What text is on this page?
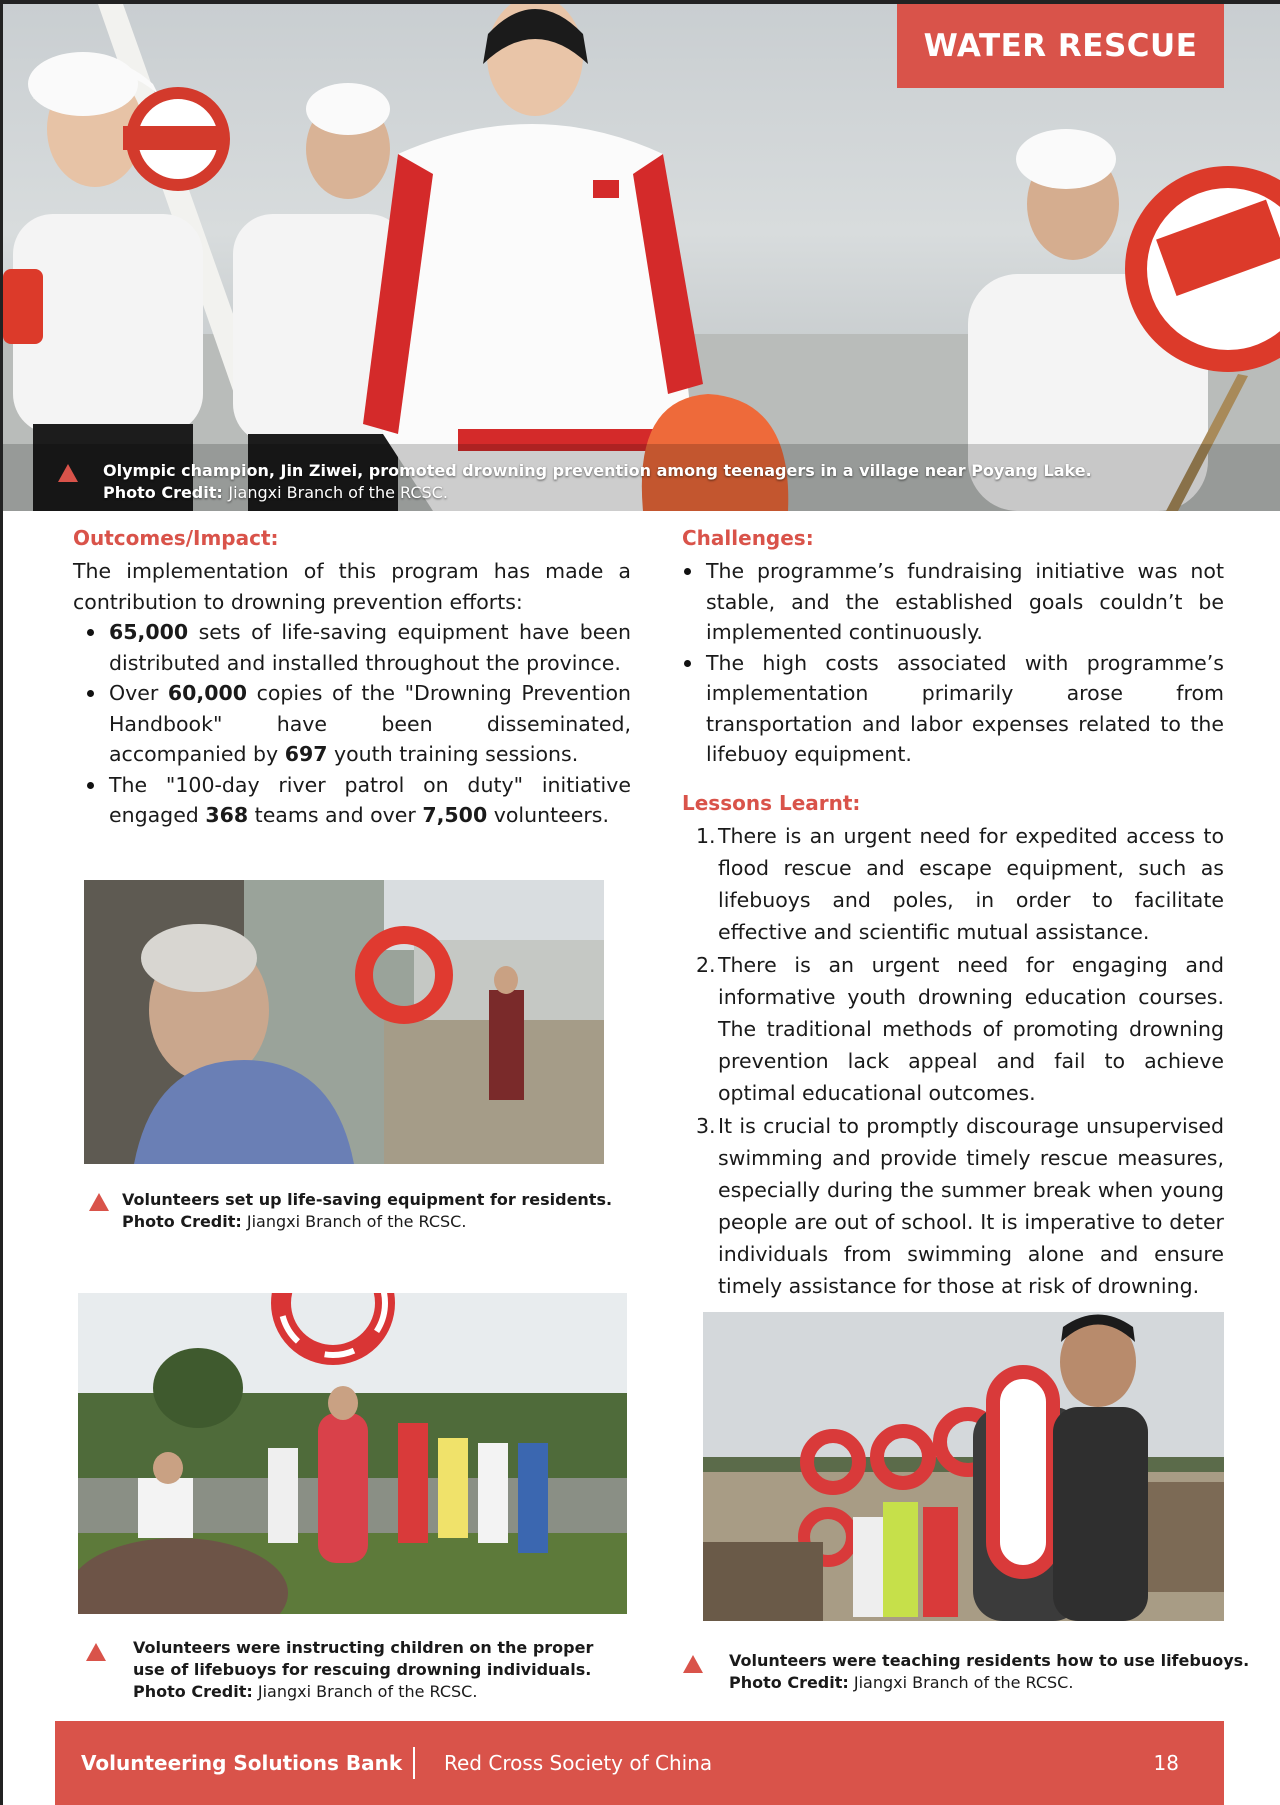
WATER RESCUE
Olympic champion, Jin Ziwei, promoted drowning prevention among teenagers in a village near Poyang Lake.
Photo Credit: Jiangxi Branch of the RCSC.
Outcomes/Impact:

The implementation of this program has made a contribution to drowning prevention efforts:

65,000 sets of life-saving equipment have been distributed and installed throughout the province.
Over 60,000 copies of the "Drowning Prevention Handbook" have been disseminated, accompanied by 697 youth training sessions.
The "100-day river patrol on duty" initiative engaged 368 teams and over 7,500 volunteers.
Volunteers set up life-saving equipment for residents.
Photo Credit: Jiangxi Branch of the RCSC.
Volunteers were instructing children on the proper
use of lifebuoys for rescuing drowning individuals.
Photo Credit: Jiangxi Branch of the RCSC.
Challenges:
The programme’s fundraising initiative was not stable, and the established goals couldn’t be implemented continuously.
The high costs associated with programme’s implementation primarily arose from transportation and labor expenses related to the lifebuoy equipment.
Lessons Learnt:
1. There is an urgent need for expedited access to flood rescue and escape equipment, such as lifebuoys and poles, in order to facilitate effective and scientific mutual assistance.
2. There is an urgent need for engaging and informative youth drowning education courses. The traditional methods of promoting drowning prevention lack appeal and fail to achieve optimal educational outcomes.
3. It is crucial to promptly discourage unsupervised swimming and provide timely rescue measures, especially during the summer break when young people are out of school. It is imperative to deter individuals from swimming alone and ensure timely assistance for those at risk of drowning.
Volunteers were teaching residents how to use lifebuoys.
Photo Credit: Jiangxi Branch of the RCSC.
Volunteering Solutions Bank Red Cross Society of China	18
